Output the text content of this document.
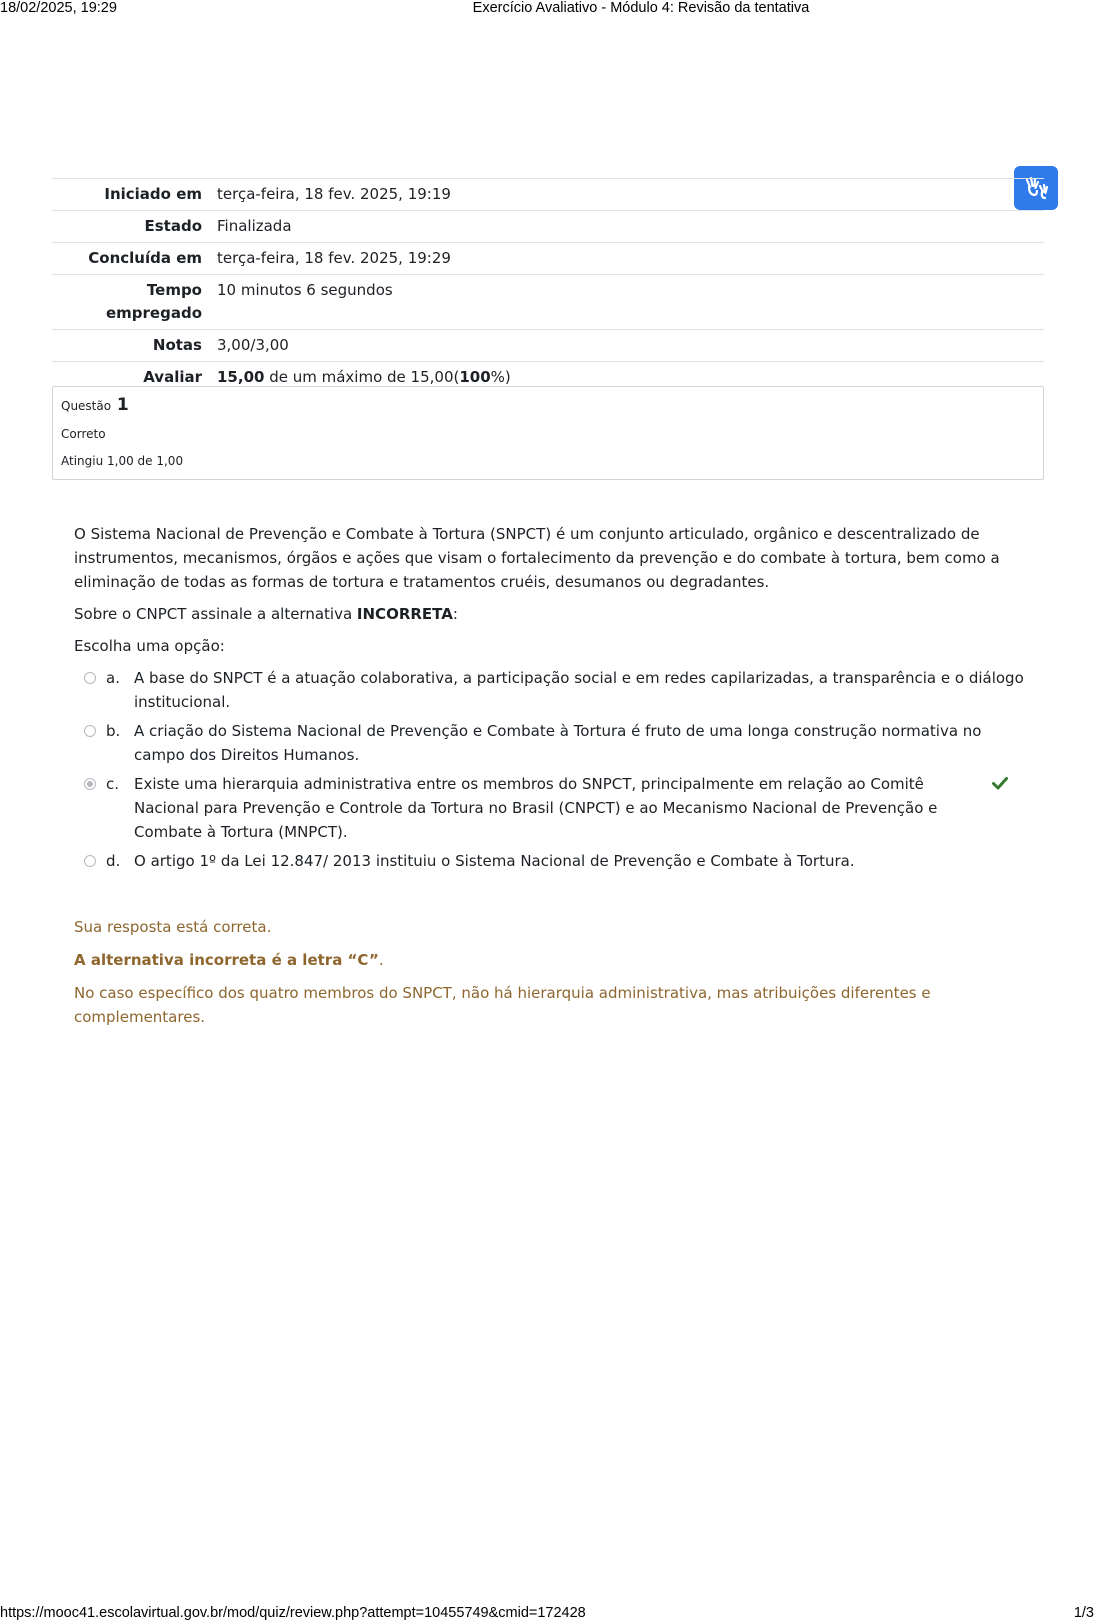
18/02/2025, 19:29	Exercício Avaliativo - Módulo 4: Revisão da tentativa
Iniciado em	terça-feira, 18 fev. 2025, 19:19
Estado	Finalizada
Concluída em	terça-feira, 18 fev. 2025, 19:29
Tempo
empregado	10 minutos 6 segundos
Notas	3,00/3,00
Avaliar	15,00 de um máximo de 15,00(100%)
Questão 1
Correto
Atingiu 1,00 de 1,00

O Sistema Nacional de Prevenção e Combate à Tortura (SNPCT) é um conjunto articulado, orgânico e descentralizado de instrumentos, mecanismos, órgãos e ações que visam o fortalecimento da prevenção e do combate à tortura, bem como a eliminação de todas as formas de tortura e tratamentos cruéis, desumanos ou degradantes.

Sobre o CNPCT assinale a alternativa INCORRETA:

Escolha uma opção:

a. A base do SNPCT é a atuação colaborativa, a participação social e em redes capilarizadas, a transparência e o diálogo institucional.
b. A criação do Sistema Nacional de Prevenção e Combate à Tortura é fruto de uma longa construção normativa no campo dos Direitos Humanos.
c. Existe uma hierarquia administrativa entre os membros do SNPCT, principalmente em relação ao Comitê Nacional para Prevenção e Controle da Tortura no Brasil (CNPCT) e ao Mecanismo Nacional de Prevenção e Combate à Tortura (MNPCT).
d. O artigo 1º da Lei 12.847/ 2013 instituiu o Sistema Nacional de Prevenção e Combate à Tortura.

Sua resposta está correta.

A alternativa incorreta é a letra “C”.

No caso específico dos quatro membros do SNPCT, não há hierarquia administrativa, mas atribuições diferentes e complementares.

https://mooc41.escolavirtual.gov.br/mod/quiz/review.php?attempt=10455749&cmid=172428	1/3
